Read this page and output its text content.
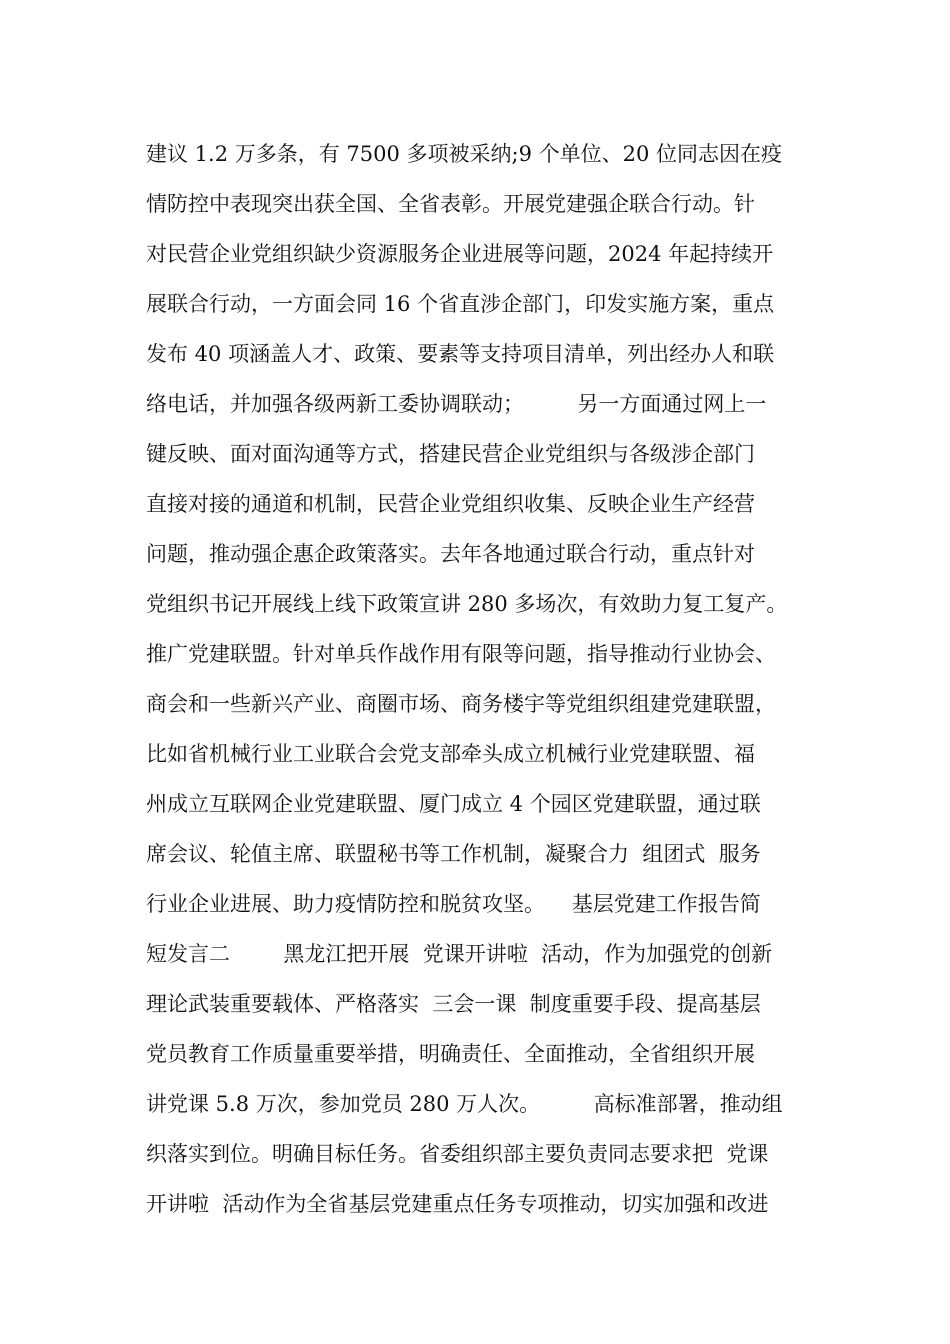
建议 1.2 万多条，有 7500 多项被采纳;9 个单位、20 位同志因在疫
情防控中表现突出获全国、全省表彰。开展党建强企联合行动。针
对民营企业党组织缺少资源服务企业进展等问题，2024 年起持续开
展联合行动，一方面会同 16 个省直涉企部门，印发实施方案，重点
发布 40 项涵盖人才、政策、要素等支持项目清单，列出经办人和联
络电话，并加强各级两新工委协调联动；        另一方面通过网上一
键反映、面对面沟通等方式，搭建民营企业党组织与各级涉企部门
直接对接的通道和机制，民营企业党组织收集、反映企业生产经营
问题，推动强企惠企政策落实。去年各地通过联合行动，重点针对
党组织书记开展线上线下政策宣讲 280 多场次，有效助力复工复产。
推广党建联盟。针对单兵作战作用有限等问题，指导推动行业协会、
商会和一些新兴产业、商圈市场、商务楼宇等党组织组建党建联盟，
比如省机械行业工业联合会党支部牵头成立机械行业党建联盟、福
州成立互联网企业党建联盟、厦门成立 4 个园区党建联盟，通过联
席会议、轮值主席、联盟秘书等工作机制，凝聚合力  组团式  服务
行业企业进展、助力疫情防控和脱贫攻坚。    基层党建工作报告简
短发言二        黑龙江把开展  党课开讲啦  活动，作为加强党的创新
理论武装重要载体、严格落实  三会一课  制度重要手段、提高基层
党员教育工作质量重要举措，明确责任、全面推动，全省组织开展
讲党课 5.8 万次，参加党员 280 万人次。        高标准部署，推动组
织落实到位。明确目标任务。省委组织部主要负责同志要求把  党课
开讲啦  活动作为全省基层党建重点任务专项推动，切实加强和改进
